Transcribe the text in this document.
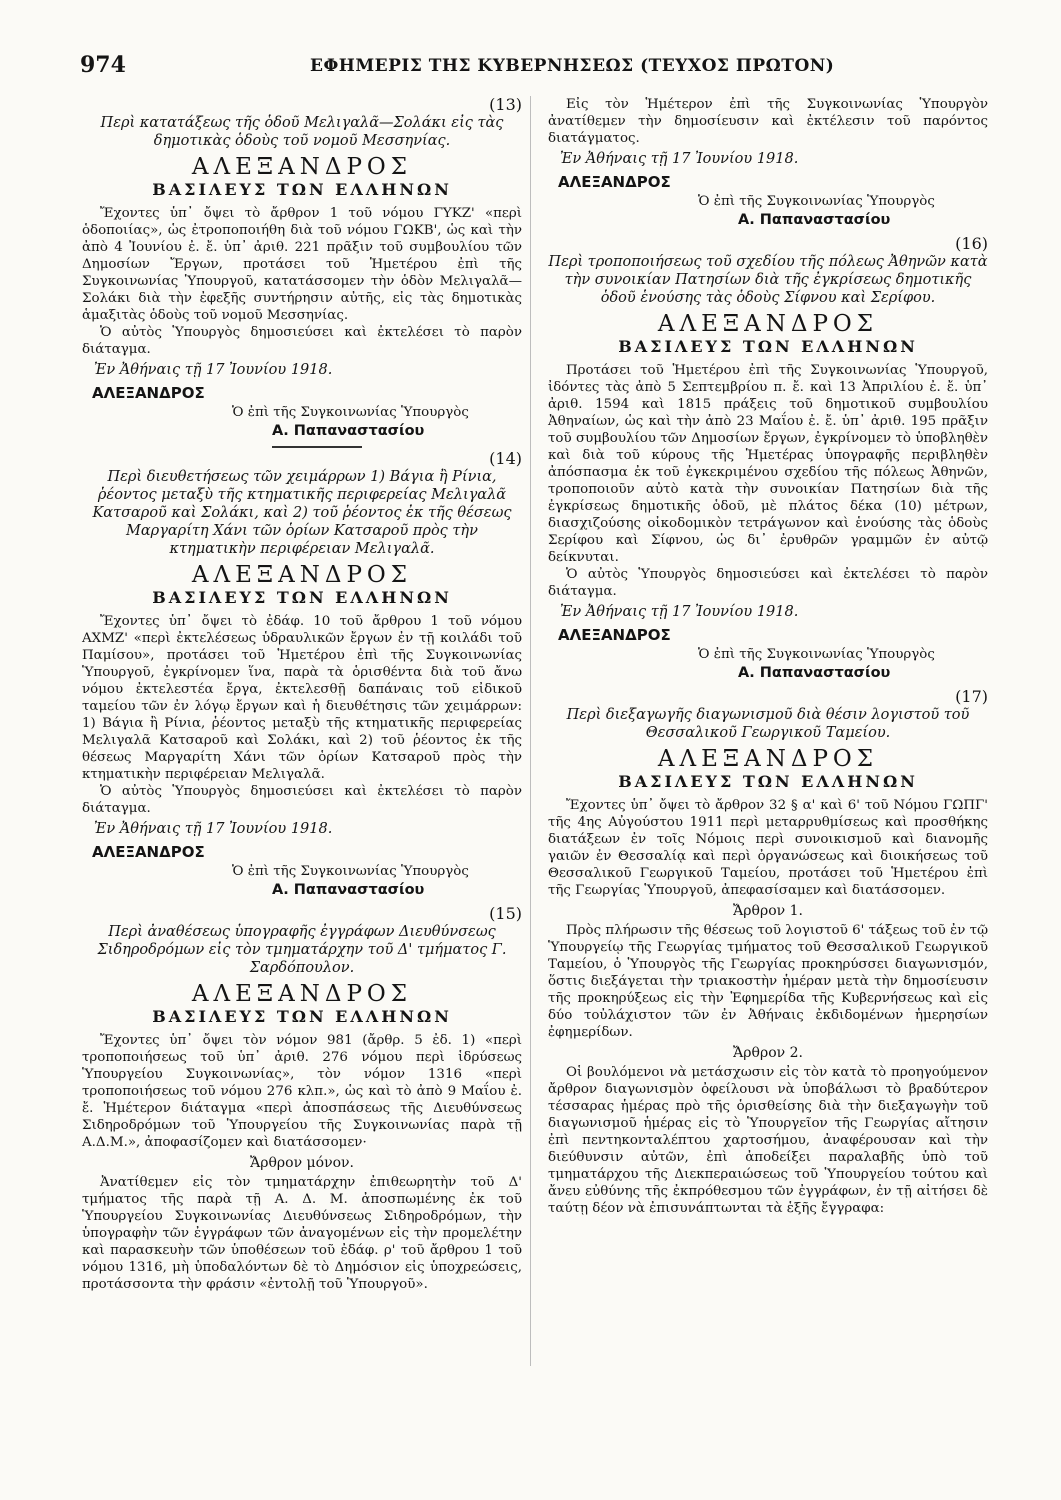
974	ΕΦΗΜΕΡΙΣ ΤΗΣ ΚΥΒΕΡΝΗΣΕΩΣ (ΤΕΥΧΟΣ ΠΡΩΤΟΝ)

(13)

Περὶ κατατάξεως τῆς ὁδοῦ Μελιγαλᾶ—Σολάκι εἰς τὰς δημοτικὰς ὁδοὺς τοῦ νομοῦ Μεσσηνίας.

ΑΛΕΞΑΝΔΡΟΣ

ΒΑΣΙΛΕΥΣ ΤΩΝ ΕΛΛΗΝΩΝ

Ἔχοντες ὑπ᾽ ὄψει τὸ ἄρθρον 1 τοῦ νόμου ΓΥΚΖ' «περὶ ὁδοποιίας», ὡς ἐτροποποιήθη διὰ τοῦ νόμου ΓΩΚΒ', ὡς καὶ τὴν ἀπὸ 4 Ἰουνίου ἐ. ἔ. ὑπ᾽ ἀριθ. 221 πρᾶξιν τοῦ συμβουλίου τῶν Δημοσίων Ἔργων, προτάσει τοῦ Ἡμετέρου ἐπὶ τῆς Συγκοινωνίας Ὑπουργοῦ, κατατάσσομεν τὴν ὁδὸν Μελιγαλᾶ—Σολάκι διὰ τὴν ἐφεξῆς συντήρησιν αὐτῆς, εἰς τὰς δημοτικὰς ἁμαξιτὰς ὁδοὺς τοῦ νομοῦ Μεσσηνίας.

Ὁ αὐτὸς Ὑπουργὸς δημοσιεύσει καὶ ἐκτελέσει τὸ παρὸν διάταγμα.

Ἐν Ἀθήναις τῇ 17 Ἰουνίου 1918.

ΑΛΕΞΑΝΔΡΟΣ

Ὁ ἐπὶ τῆς Συγκοινωνίας Ὑπουργὸς

Α. Παπαναστασίου

(14)

Περὶ διευθετήσεως τῶν χειμάρρων 1) Βάγια ἢ Ρίνια, ῥέοντος μεταξὺ τῆς κτηματικῆς περιφερείας Μελιγαλᾶ Κατσαροῦ καὶ Σολάκι, καὶ 2) τοῦ ῥέοντος ἐκ τῆς θέσεως Μαργαρίτη Χάνι τῶν ὁρίων Κατσαροῦ πρὸς τὴν κτηματικὴν περιφέρειαν Μελιγαλᾶ.

ΑΛΕΞΑΝΔΡΟΣ

ΒΑΣΙΛΕΥΣ ΤΩΝ ΕΛΛΗΝΩΝ

Ἔχοντες ὑπ᾽ ὄψει τὸ ἐδάφ. 10 τοῦ ἄρθρου 1 τοῦ νόμου ΑΧΜΖ' «περὶ ἐκτελέσεως ὑδραυλικῶν ἔργων ἐν τῇ κοιλάδι τοῦ Παμίσου», προτάσει τοῦ Ἡμετέρου ἐπὶ τῆς Συγκοινωνίας Ὑπουργοῦ, ἐγκρίνομεν ἵνα, παρὰ τὰ ὁρισθέντα διὰ τοῦ ἄνω νόμου ἐκτελεστέα ἔργα, ἐκτελεσθῇ δαπάναις τοῦ εἰδικοῦ ταμείου τῶν ἐν λόγῳ ἔργων καὶ ἡ διευθέτησις τῶν χειμάρρων: 1) Βάγια ἢ Ρίνια, ῥέοντος μεταξὺ τῆς κτηματικῆς περιφερείας Μελιγαλᾶ Κατσαροῦ καὶ Σολάκι, καὶ 2) τοῦ ῥέοντος ἐκ τῆς θέσεως Μαργαρίτη Χάνι τῶν ὁρίων Κατσαροῦ πρὸς τὴν κτηματικὴν περιφέρειαν Μελιγαλᾶ.

Ὁ αὐτὸς Ὑπουργὸς δημοσιεύσει καὶ ἐκτελέσει τὸ παρὸν διάταγμα.

Ἐν Ἀθήναις τῇ 17 Ἰουνίου 1918.

ΑΛΕΞΑΝΔΡΟΣ

Ὁ ἐπὶ τῆς Συγκοινωνίας Ὑπουργὸς

Α. Παπαναστασίου

(15)

Περὶ ἀναθέσεως ὑπογραφῆς ἐγγράφων Διευθύνσεως Σιδηροδρόμων εἰς τὸν τμηματάρχην τοῦ Δ' τμήματος Γ. Σαρδόπουλον.

ΑΛΕΞΑΝΔΡΟΣ

ΒΑΣΙΛΕΥΣ ΤΩΝ ΕΛΛΗΝΩΝ

Ἔχοντες ὑπ᾽ ὄψει τὸν νόμον 981 (ἄρθρ. 5 ἐδ. 1) «περὶ τροποποιήσεως τοῦ ὑπ᾽ ἀριθ. 276 νόμου περὶ ἱδρύσεως Ὑπουργείου Συγκοινωνίας», τὸν νόμον 1316 «περὶ τροποποιήσεως τοῦ νόμου 276 κλπ.», ὡς καὶ τὸ ἀπὸ 9 Μαΐου ἐ. ἔ. Ἡμέτερον διάταγμα «περὶ ἀποσπάσεως τῆς Διευθύνσεως Σιδηροδρόμων τοῦ Ὑπουργείου τῆς Συγκοινωνίας παρὰ τῇ Α.Δ.Μ.», ἀποφασίζομεν καὶ διατάσσομεν·

Ἄρθρον μόνον.

Ἀνατίθεμεν εἰς τὸν τμηματάρχην ἐπιθεωρητὴν τοῦ Δ' τμήματος τῆς παρὰ τῇ Α. Δ. Μ. ἀποσπωμένης ἐκ τοῦ Ὑπουργείου Συγκοινωνίας Διευθύνσεως Σιδηροδρόμων, τὴν ὑπογραφὴν τῶν ἐγγράφων τῶν ἀναγομένων εἰς τὴν προμελέτην καὶ παρασκευὴν τῶν ὑποθέσεων τοῦ ἐδάφ. ρ' τοῦ ἄρθρου 1 τοῦ νόμου 1316, μὴ ὑποδαλόντων δὲ τὸ Δημόσιον εἰς ὑποχρεώσεις, προτάσσοντα τὴν φράσιν «ἐντολῇ τοῦ Ὑπουργοῦ».

Εἰς τὸν Ἡμέτερον ἐπὶ τῆς Συγκοινωνίας Ὑπουργὸν ἀνατίθεμεν τὴν δημοσίευσιν καὶ ἐκτέλεσιν τοῦ παρόντος διατάγματος.

Ἐν Ἀθήναις τῇ 17 Ἰουνίου 1918.

ΑΛΕΞΑΝΔΡΟΣ

Ὁ ἐπὶ τῆς Συγκοινωνίας Ὑπουργὸς

Α. Παπαναστασίου

(16)

Περὶ τροποποιήσεως τοῦ σχεδίου τῆς πόλεως Ἀθηνῶν κατὰ τὴν συνοικίαν Πατησίων διὰ τῆς ἐγκρίσεως δημοτικῆς ὁδοῦ ἑνούσης τὰς ὁδοὺς Σίφνου καὶ Σερίφου.

ΑΛΕΞΑΝΔΡΟΣ

ΒΑΣΙΛΕΥΣ ΤΩΝ ΕΛΛΗΝΩΝ

Προτάσει τοῦ Ἡμετέρου ἐπὶ τῆς Συγκοινωνίας Ὑπουργοῦ, ἰδόντες τὰς ἀπὸ 5 Σεπτεμβρίου π. ἔ. καὶ 13 Ἀπριλίου ἐ. ἔ. ὑπ᾽ ἀριθ. 1594 καὶ 1815 πράξεις τοῦ δημοτικοῦ συμβουλίου Ἀθηναίων, ὡς καὶ τὴν ἀπὸ 23 Μαΐου ἐ. ἔ. ὑπ᾽ ἀριθ. 195 πρᾶξιν τοῦ συμβουλίου τῶν Δημοσίων ἔργων, ἐγκρίνομεν τὸ ὑποβληθὲν καὶ διὰ τοῦ κύρους τῆς Ἡμετέρας ὑπογραφῆς περιβληθὲν ἀπόσπασμα ἐκ τοῦ ἐγκεκριμένου σχεδίου τῆς πόλεως Ἀθηνῶν, τροποποιοῦν αὐτὸ κατὰ τὴν συνοικίαν Πατησίων διὰ τῆς ἐγκρίσεως δημοτικῆς ὁδοῦ, μὲ πλάτος δέκα (10) μέτρων, διασχιζούσης οἰκοδομικὸν τετράγωνον καὶ ἑνούσης τὰς ὁδοὺς Σερίφου καὶ Σίφνου, ὡς δι᾽ ἐρυθρῶν γραμμῶν ἐν αὐτῷ δείκνυται.

Ὁ αὐτὸς Ὑπουργὸς δημοσιεύσει καὶ ἐκτελέσει τὸ παρὸν διάταγμα.

Ἐν Ἀθήναις τῇ 17 Ἰουνίου 1918.

ΑΛΕΞΑΝΔΡΟΣ

Ὁ ἐπὶ τῆς Συγκοινωνίας Ὑπουργὸς

Α. Παπαναστασίου

(17)

Περὶ διεξαγωγῆς διαγωνισμοῦ διὰ θέσιν λογιστοῦ τοῦ Θεσσαλικοῦ Γεωργικοῦ Ταμείου.

ΑΛΕΞΑΝΔΡΟΣ

ΒΑΣΙΛΕΥΣ ΤΩΝ ΕΛΛΗΝΩΝ

Ἔχοντες ὑπ᾽ ὄψει τὸ ἄρθρον 32 § α' καὶ 6' τοῦ Νόμου ΓΩΠΓ' τῆς 4ης Αὐγούστου 1911 περὶ μεταρρυθμίσεως καὶ προσθήκης διατάξεων ἐν τοῖς Νόμοις περὶ συνοικισμοῦ καὶ διανομῆς γαιῶν ἐν Θεσσαλίᾳ καὶ περὶ ὀργανώσεως καὶ διοικήσεως τοῦ Θεσσαλικοῦ Γεωργικοῦ Ταμείου, προτάσει τοῦ Ἡμετέρου ἐπὶ τῆς Γεωργίας Ὑπουργοῦ, ἀπεφασίσαμεν καὶ διατάσσομεν.

Ἄρθρον 1.

Πρὸς πλήρωσιν τῆς θέσεως τοῦ λογιστοῦ 6' τάξεως τοῦ ἐν τῷ Ὑπουργείῳ τῆς Γεωργίας τμήματος τοῦ Θεσσαλικοῦ Γεωργικοῦ Ταμείου, ὁ Ὑπουργὸς τῆς Γεωργίας προκηρύσσει διαγωνισμόν, ὅστις διεξάγεται τὴν τριακοστὴν ἡμέραν μετὰ τὴν δημοσίευσιν τῆς προκηρύξεως εἰς τὴν Ἐφημερίδα τῆς Κυβερνήσεως καὶ εἰς δύο τοὐλάχιστον τῶν ἐν Ἀθήναις ἐκδιδομένων ἡμερησίων ἐφημερίδων.

Ἄρθρον 2.

Οἱ βουλόμενοι νὰ μετάσχωσιν εἰς τὸν κατὰ τὸ προηγούμενον ἄρθρον διαγωνισμὸν ὀφείλουσι νὰ ὑποβάλωσι τὸ βραδύτερον τέσσαρας ἡμέρας πρὸ τῆς ὁρισθείσης διὰ τὴν διεξαγωγὴν τοῦ διαγωνισμοῦ ἡμέρας εἰς τὸ Ὑπουργεῖον τῆς Γεωργίας αἴτησιν ἐπὶ πεντηκονταλέπτου χαρτοσήμου, ἀναφέρουσαν καὶ τὴν διεύθυνσιν αὐτῶν, ἐπὶ ἀποδείξει παραλαβῆς ὑπὸ τοῦ τμηματάρχου τῆς Διεκπεραιώσεως τοῦ Ὑπουργείου τούτου καὶ ἄνευ εὐθύνης τῆς ἐκπρόθεσμου τῶν ἐγγράφων, ἐν τῇ αἰτήσει δὲ ταύτῃ δέον νὰ ἐπισυνάπτωνται τὰ ἑξῆς ἔγγραφα:
